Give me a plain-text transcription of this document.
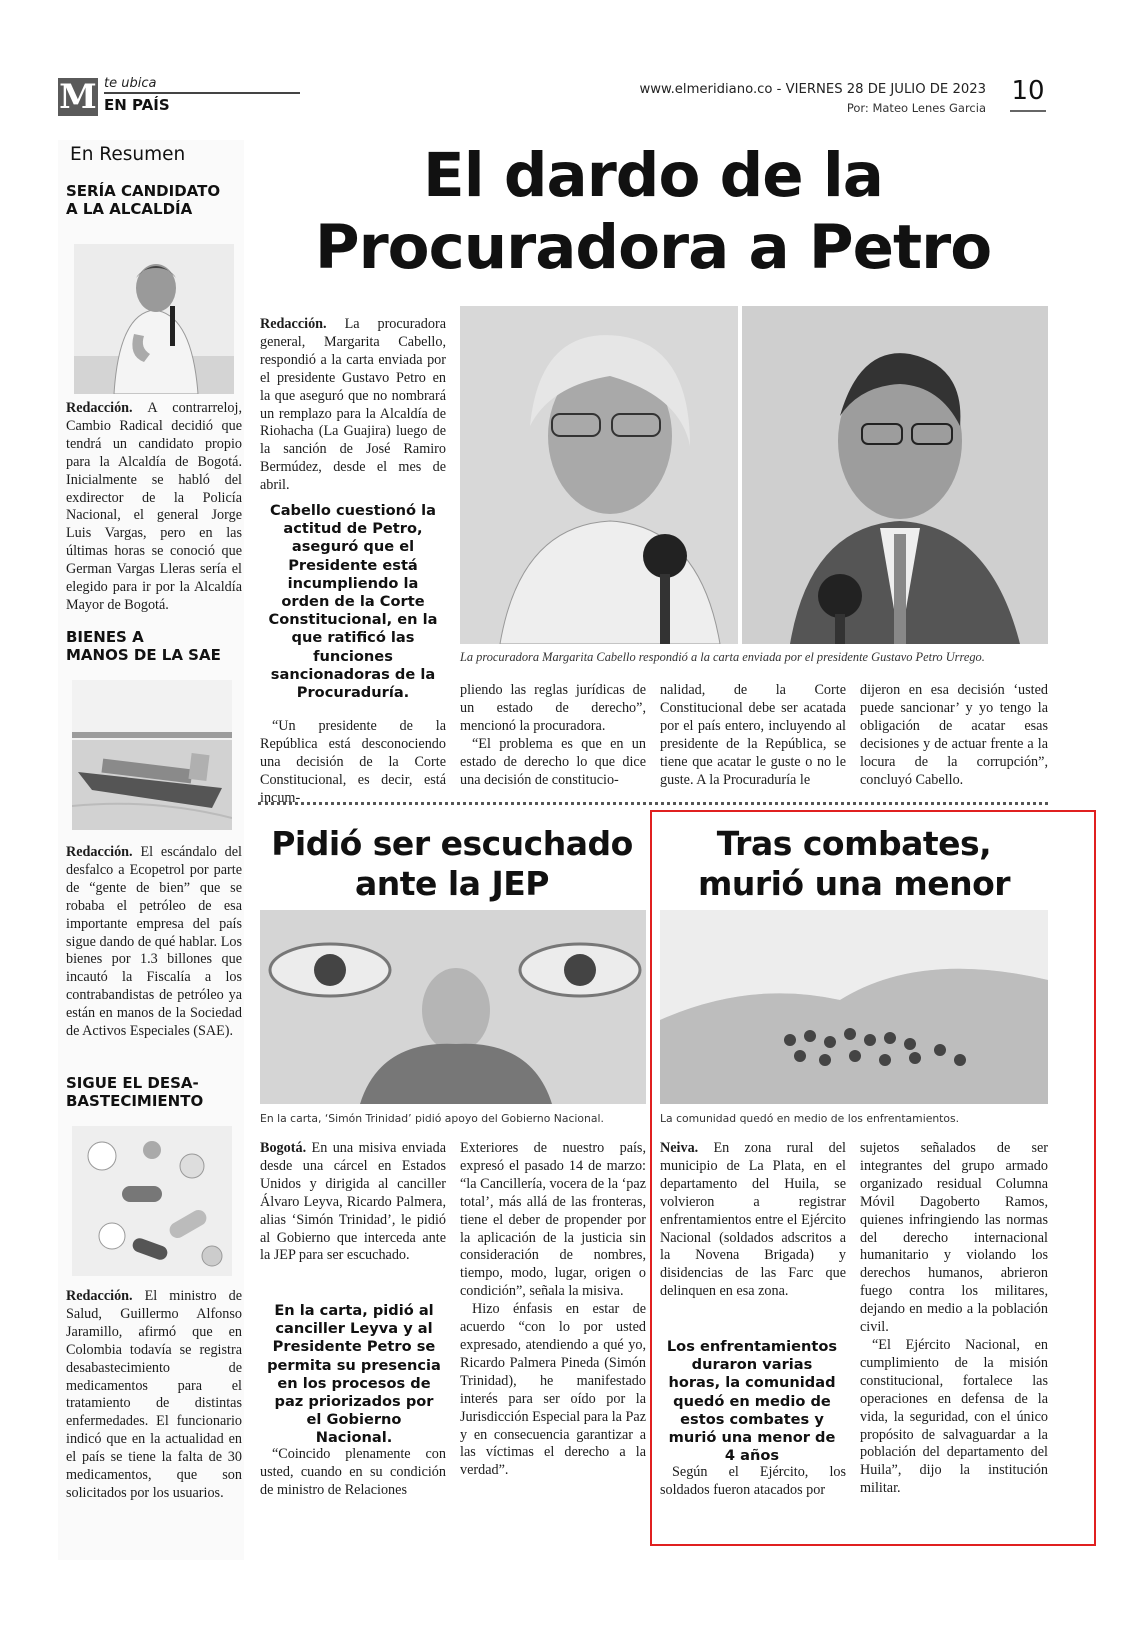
M te ubica
EN PAÍS
www.elmeridiano.co - VIERNES 28 DE JULIO DE 2023
Por: Mateo Lenes Garcia
10
En Resumen
SERÍA CANDIDATO
A LA ALCALDÍA

Redacción. A contrarreloj, Cambio Radical decidió que tendrá un candidato propio para la Alcaldía de Bogotá. Inicialmente se habló del exdirector de la Policía Nacional, el general Jorge Luis Vargas, pero en las últimas horas se conoció que German Vargas Lleras sería el elegido para ir por la Alcaldía Mayor de Bogotá.

BIENES A
MANOS DE LA SAE

Redacción. El escándalo del desfalco a Ecopetrol por parte de “gente de bien” que se robaba el petróleo de esa importante empresa del país sigue dando de qué hablar. Los bienes por 1.3 billones que incautó la Fiscalía a los contrabandistas de petróleo ya están en manos de la Sociedad de Activos Especiales (SAE).

SIGUE EL DESA-
BASTECIMIENTO

Redacción. El ministro de Salud, Guillermo Alfonso Jaramillo, afirmó que en Colombia todavía se registra desabastecimiento de medicamentos para el tratamiento de distintas enfermedades. El funcionario indicó que en la actualidad en el país se tiene la falta de 30 medicamentos, que son solicitados por los usuarios.

El dardo de la
Procuradora a Petro

Redacción. La procuradora general, Margarita Cabello, respondió a la carta enviada por el presidente Gustavo Petro en la que aseguró que no nombrará un remplazo para la Alcaldía de Riohacha (La Guajira) luego de la sanción de José Ramiro Bermúdez, desde el mes de abril.

Cabello cuestionó la actitud de Petro, aseguró que el Presidente está incumpliendo la orden de la Corte Constitucional, en la que ratificó las funciones sancionadoras de la Procuraduría.

“Un presidente de la República está desconociendo una decisión de la Corte Constitucional, es decir, está incum-

La procuradora Margarita Cabello respondió a la carta enviada por el presidente Gustavo Petro Urrego.

pliendo las reglas jurídicas de un estado de derecho”, mencionó la procuradora.

“El problema es que en un estado de derecho lo que dice una decisión de constitucio-

nalidad, de la Corte Constitucional debe ser acatada por el país entero, incluyendo al presidente de la República, se tiene que acatar le guste o no le guste. A la Procuraduría le

dijeron en esa decisión ‘usted puede sancionar’ y yo tengo la obligación de acatar esas decisiones y de actuar frente a la locura de la corrupción”, concluyó Cabello.

Pidió ser escuchado
ante la JEP
En la carta, ‘Simón Trinidad’ pidió apoyo del Gobierno Nacional.

Bogotá. En una misiva enviada desde una cárcel en Estados Unidos y dirigida al canciller Álvaro Leyva, Ricardo Palmera, alias ‘Simón Trinidad’, le pidió al Gobierno que interceda ante la JEP para ser escuchado.

En la carta, pidió al canciller Leyva y al Presidente Petro se permita su presencia en los procesos de paz priorizados por el Gobierno Nacional.

“Coincido plenamente con usted, cuando en su condición de ministro de Relaciones

Exteriores de nuestro país, expresó el pasado 14 de marzo: “la Cancillería, vocera de la ‘paz total’, más allá de las fronteras, tiene el deber de propender por la aplicación de la justicia sin consideración de nombres, tiempo, modo, lugar, origen o condición”, señala la misiva.

Hizo énfasis en estar de acuerdo “con lo por usted expresado, atendiendo a qué yo, Ricardo Palmera Pineda (Simón Trinidad), he manifestado interés para ser oído por la Jurisdicción Especial para la Paz y en consecuencia garantizar a las víctimas el derecho a la verdad”.

Tras combates,
murió una menor
La comunidad quedó en medio de los enfrentamientos.

Neiva. En zona rural del municipio de La Plata, en el departamento del Huila, se volvieron a registrar enfrentamientos entre el Ejército Nacional (soldados adscritos a la Novena Brigada) y disidencias de las Farc que delinquen en esa zona.

Los enfrentamientos duraron varias horas, la comunidad quedó en medio de estos combates y murió una menor de 4 años

Según el Ejército, los soldados fueron atacados por

sujetos señalados de ser integrantes del grupo armado organizado residual Columna Móvil Dagoberto Ramos, quienes infringiendo las normas del derecho internacional humanitario y violando los derechos humanos, abrieron fuego contra los militares, dejando en medio a la población civil.

“El Ejército Nacional, en cumplimiento de la misión constitucional, fortalece las operaciones en defensa de la vida, la seguridad, con el único propósito de salvaguardar a la población del departamento del Huila”, dijo la institución militar.
